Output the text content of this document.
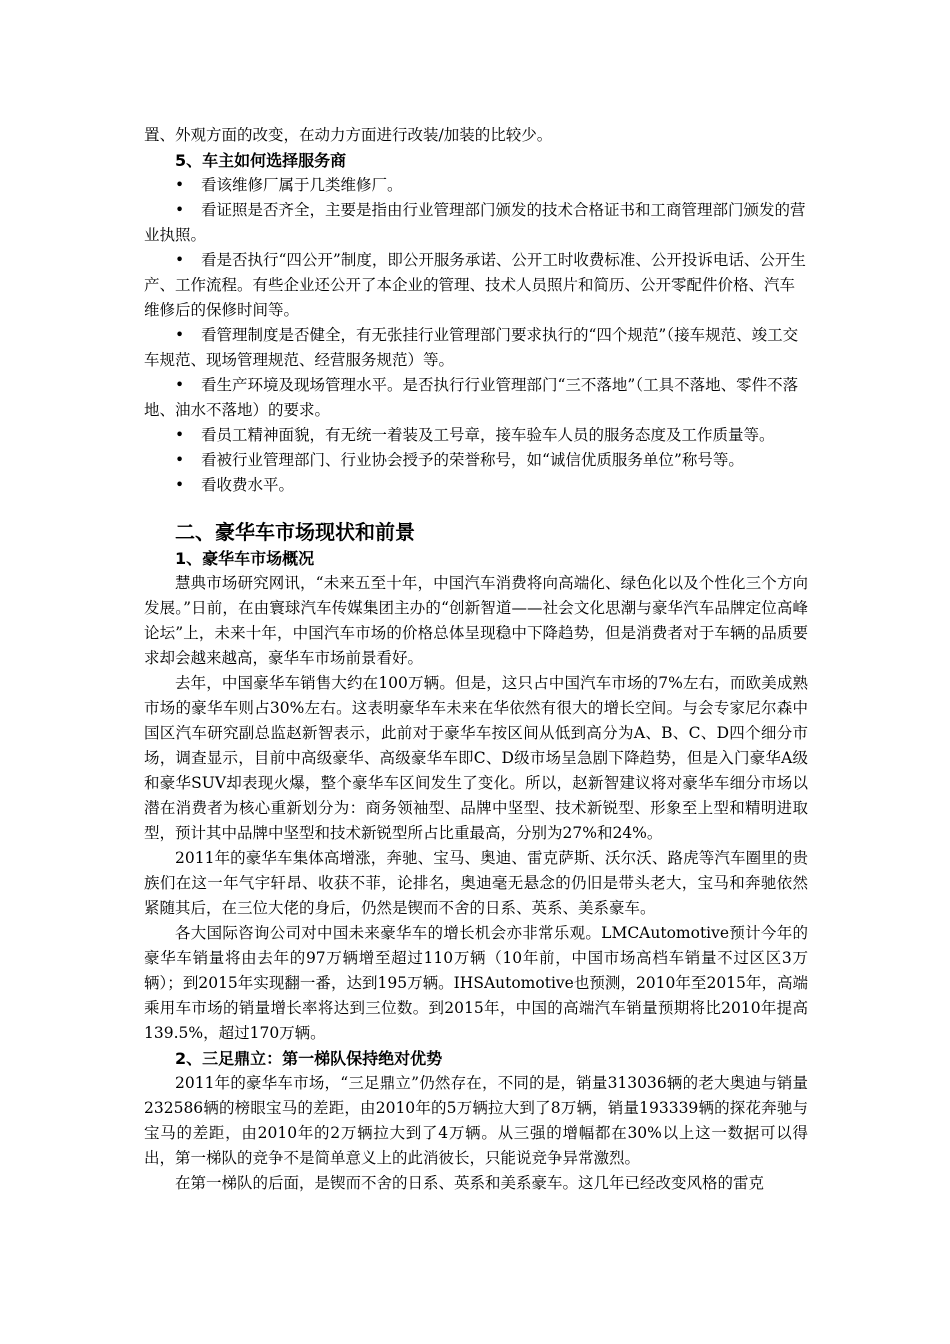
置、外观方面的改变，在动力方面进行改装/加装的比较少。

5、车主如何选择服务商
• 看该维修厂属于几类维修厂。
• 看证照是否齐全，主要是指由行业管理部门颁发的技术合格证书和工商管理部门颁发的营业执照。
• 看是否执行“四公开”制度，即公开服务承诺、公开工时收费标准、公开投诉电话、公开生产、工作流程。有些企业还公开了本企业的管理、技术人员照片和简历、公开零配件价格、汽车维修后的保修时间等。
• 看管理制度是否健全，有无张挂行业管理部门要求执行的“四个规范”（接车规范、竣工交车规范、现场管理规范、经营服务规范）等。
• 看生产环境及现场管理水平。是否执行行业管理部门“三不落地”（工具不落地、零件不落地、油水不落地）的要求。
• 看员工精神面貌，有无统一着装及工号章，接车验车人员的服务态度及工作质量等。
• 看被行业管理部门、行业协会授予的荣誉称号，如“诚信优质服务单位”称号等。
• 看收费水平。
二、豪华车市场现状和前景
1、豪华车市场概况

慧典市场研究网讯，“未来五至十年，中国汽车消费将向高端化、绿色化以及个性化三个方向发展。”日前，在由寰球汽车传媒集团主办的“创新智道——社会文化思潮与豪华汽车品牌定位高峰论坛”上，未来十年，中国汽车市场的价格总体呈现稳中下降趋势，但是消费者对于车辆的品质要求却会越来越高，豪华车市场前景看好。

去年，中国豪华车销售大约在100万辆。但是，这只占中国汽车市场的7%左右，而欧美成熟市场的豪华车则占30%左右。这表明豪华车未来在华依然有很大的增长空间。与会专家尼尔森中国区汽车研究副总监赵新智表示，此前对于豪华车按区间从低到高分为A、B、C、D四个细分市场，调查显示，目前中高级豪华、高级豪华车即C、D级市场呈急剧下降趋势，但是入门豪华A级和豪华SUV却表现火爆，整个豪华车区间发生了变化。所以，赵新智建议将对豪华车细分市场以潜在消费者为核心重新划分为：商务领袖型、品牌中坚型、技术新锐型、形象至上型和精明进取型，预计其中品牌中坚型和技术新锐型所占比重最高，分别为27%和24%。

2011年的豪华车集体高增涨，奔驰、宝马、奥迪、雷克萨斯、沃尔沃、路虎等汽车圈里的贵族们在这一年气宇轩昂、收获不菲，论排名，奥迪毫无悬念的仍旧是带头老大，宝马和奔驰依然紧随其后，在三位大佬的身后，仍然是锲而不舍的日系、英系、美系豪车。

各大国际咨询公司对中国未来豪华车的增长机会亦非常乐观。LMCAutomotive预计今年的豪华车销量将由去年的97万辆增至超过110万辆（10年前，中国市场高档车销量不过区区3万辆）；到2015年实现翻一番，达到195万辆。IHSAutomotive也预测，2010年至2015年，高端乘用车市场的销量增长率将达到三位数。到2015年，中国的高端汽车销量预期将比2010年提高139.5%，超过170万辆。

2、三足鼎立：第一梯队保持绝对优势

2011年的豪华车市场，“三足鼎立”仍然存在，不同的是，销量313036辆的老大奥迪与销量232586辆的榜眼宝马的差距，由2010年的5万辆拉大到了8万辆，销量193339辆的探花奔驰与宝马的差距，由2010年的2万辆拉大到了4万辆。从三强的增幅都在30%以上这一数据可以得出，第一梯队的竞争不是简单意义上的此消彼长，只能说竞争异常激烈。

在第一梯队的后面，是锲而不舍的日系、英系和美系豪车。这几年已经改变风格的雷克
